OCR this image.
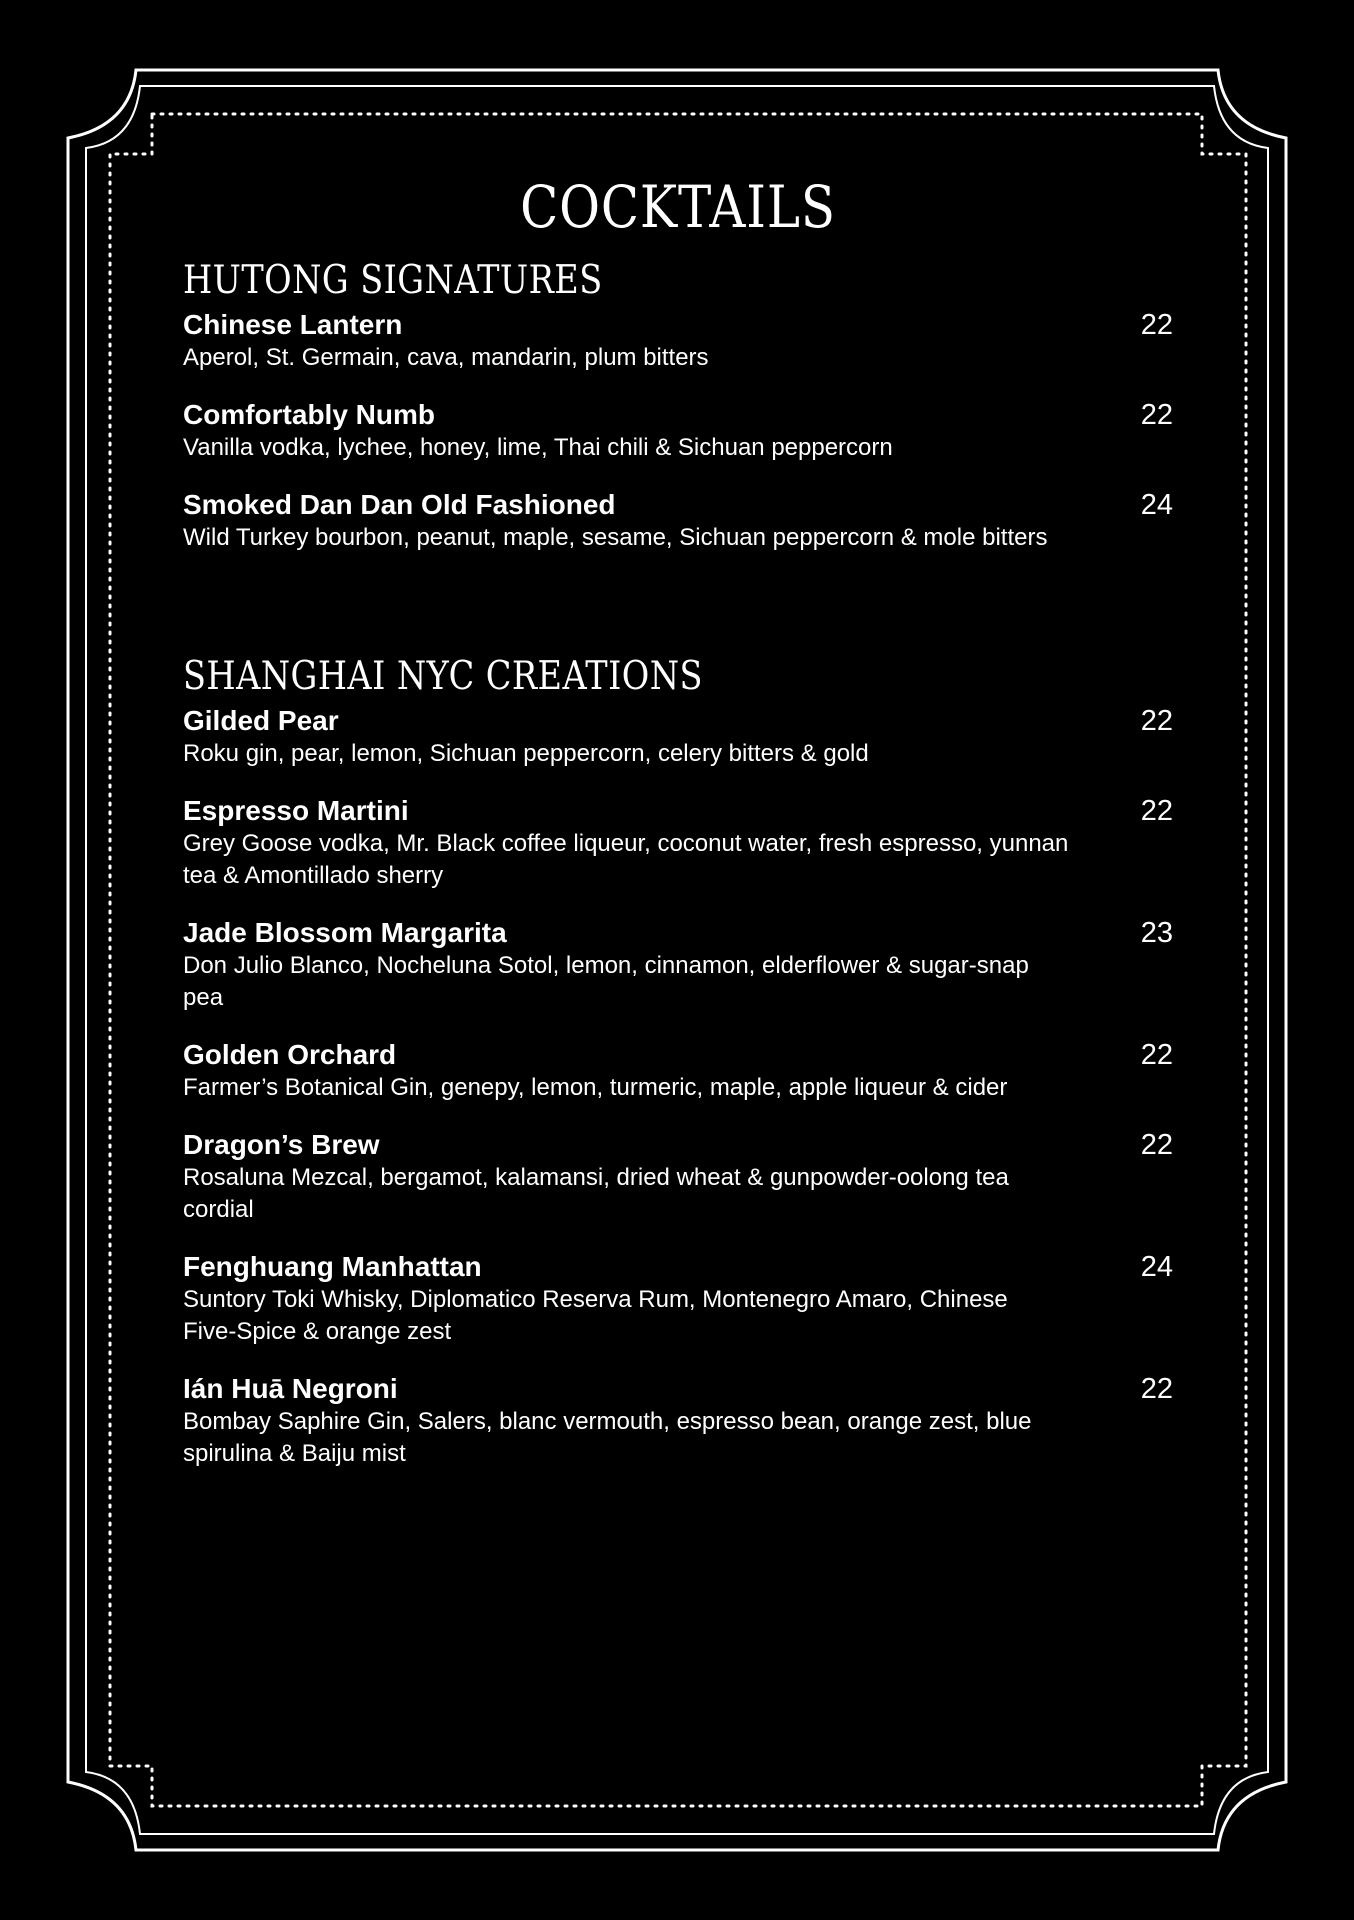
COCKTAILS
HUTONG SIGNATURES
Chinese Lantern	22
Aperol, St. Germain, cava, mandarin, plum bitters
Comfortably Numb	22
Vanilla vodka, lychee, honey, lime, Thai chili & Sichuan peppercorn
Smoked Dan Dan Old Fashioned	24
Wild Turkey bourbon, peanut, maple, sesame, Sichuan peppercorn & mole bitters
SHANGHAI NYC CREATIONS
Gilded Pear	22
Roku gin, pear, lemon, Sichuan peppercorn, celery bitters & gold
Espresso Martini	22
Grey Goose vodka, Mr. Black coffee liqueur, coconut water, fresh espresso, yunnan tea & Amontillado sherry
Jade Blossom Margarita	23
Don Julio Blanco, Nocheluna Sotol, lemon, cinnamon, elderflower & sugar-snap pea
Golden Orchard	22
Farmer’s Botanical Gin, genepy, lemon, turmeric, maple, apple liqueur & cider
Dragon’s Brew	22
Rosaluna Mezcal, bergamot, kalamansi, dried wheat & gunpowder-oolong tea cordial
Fenghuang Manhattan	24
Suntory Toki Whisky, Diplomatico Reserva Rum, Montenegro Amaro, Chinese Five-Spice & orange zest
Ián Huā Negroni	22
Bombay Saphire Gin, Salers, blanc vermouth, espresso bean, orange zest, blue spirulina & Baiju mist
